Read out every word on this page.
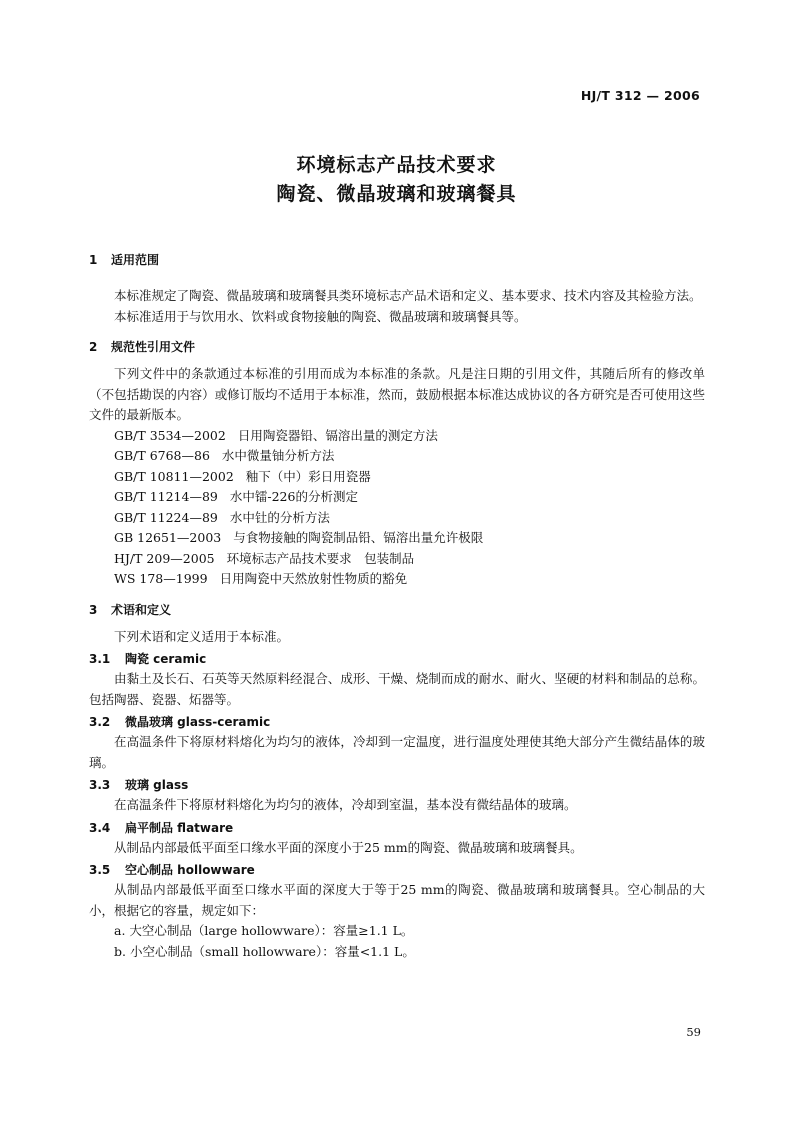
HJ/T 312 — 2006
环境标志产品技术要求
陶瓷、微晶玻璃和玻璃餐具
1 适用范围
本标准规定了陶瓷、微晶玻璃和玻璃餐具类环境标志产品术语和定义、基本要求、技术内容及其检验方法。
本标准适用于与饮用水、饮料或食物接触的陶瓷、微晶玻璃和玻璃餐具等。
2 规范性引用文件
下列文件中的条款通过本标准的引用而成为本标准的条款。凡是注日期的引用文件，其随后所有的修改单（不包括勘误的内容）或修订版均不适用于本标准，然而，鼓励根据本标准达成协议的各方研究是否可使用这些文件的最新版本。
GB/T 3534—2002 日用陶瓷器铅、镉溶出量的测定方法
GB/T 6768—86 水中微量铀分析方法
GB/T 10811—2002 釉下（中）彩日用瓷器
GB/T 11214—89 水中镭-226的分析测定
GB/T 11224—89 水中钍的分析方法
GB 12651—2003 与食物接触的陶瓷制品铅、镉溶出量允许极限
HJ/T 209—2005 环境标志产品技术要求　包装制品
WS 178—1999 日用陶瓷中天然放射性物质的豁免
3 术语和定义
下列术语和定义适用于本标准。
3.1 陶瓷 ceramic
由黏土及长石、石英等天然原料经混合、成形、干燥、烧制而成的耐水、耐火、坚硬的材料和制品的总称。包括陶器、瓷器、炻器等。
3.2 微晶玻璃 glass-ceramic
在高温条件下将原材料熔化为均匀的液体，冷却到一定温度，进行温度处理使其绝大部分产生微结晶体的玻璃。
3.3 玻璃 glass
在高温条件下将原材料熔化为均匀的液体，冷却到室温，基本没有微结晶体的玻璃。
3.4 扁平制品 flatware
从制品内部最低平面至口缘水平面的深度小于25 mm的陶瓷、微晶玻璃和玻璃餐具。
3.5 空心制品 hollowware
从制品内部最低平面至口缘水平面的深度大于等于25 mm的陶瓷、微晶玻璃和玻璃餐具。空心制品的大小，根据它的容量，规定如下：
a. 大空心制品（large hollowware）：容量≥1.1 L。
b. 小空心制品（small hollowware）：容量<1.1 L。
59
